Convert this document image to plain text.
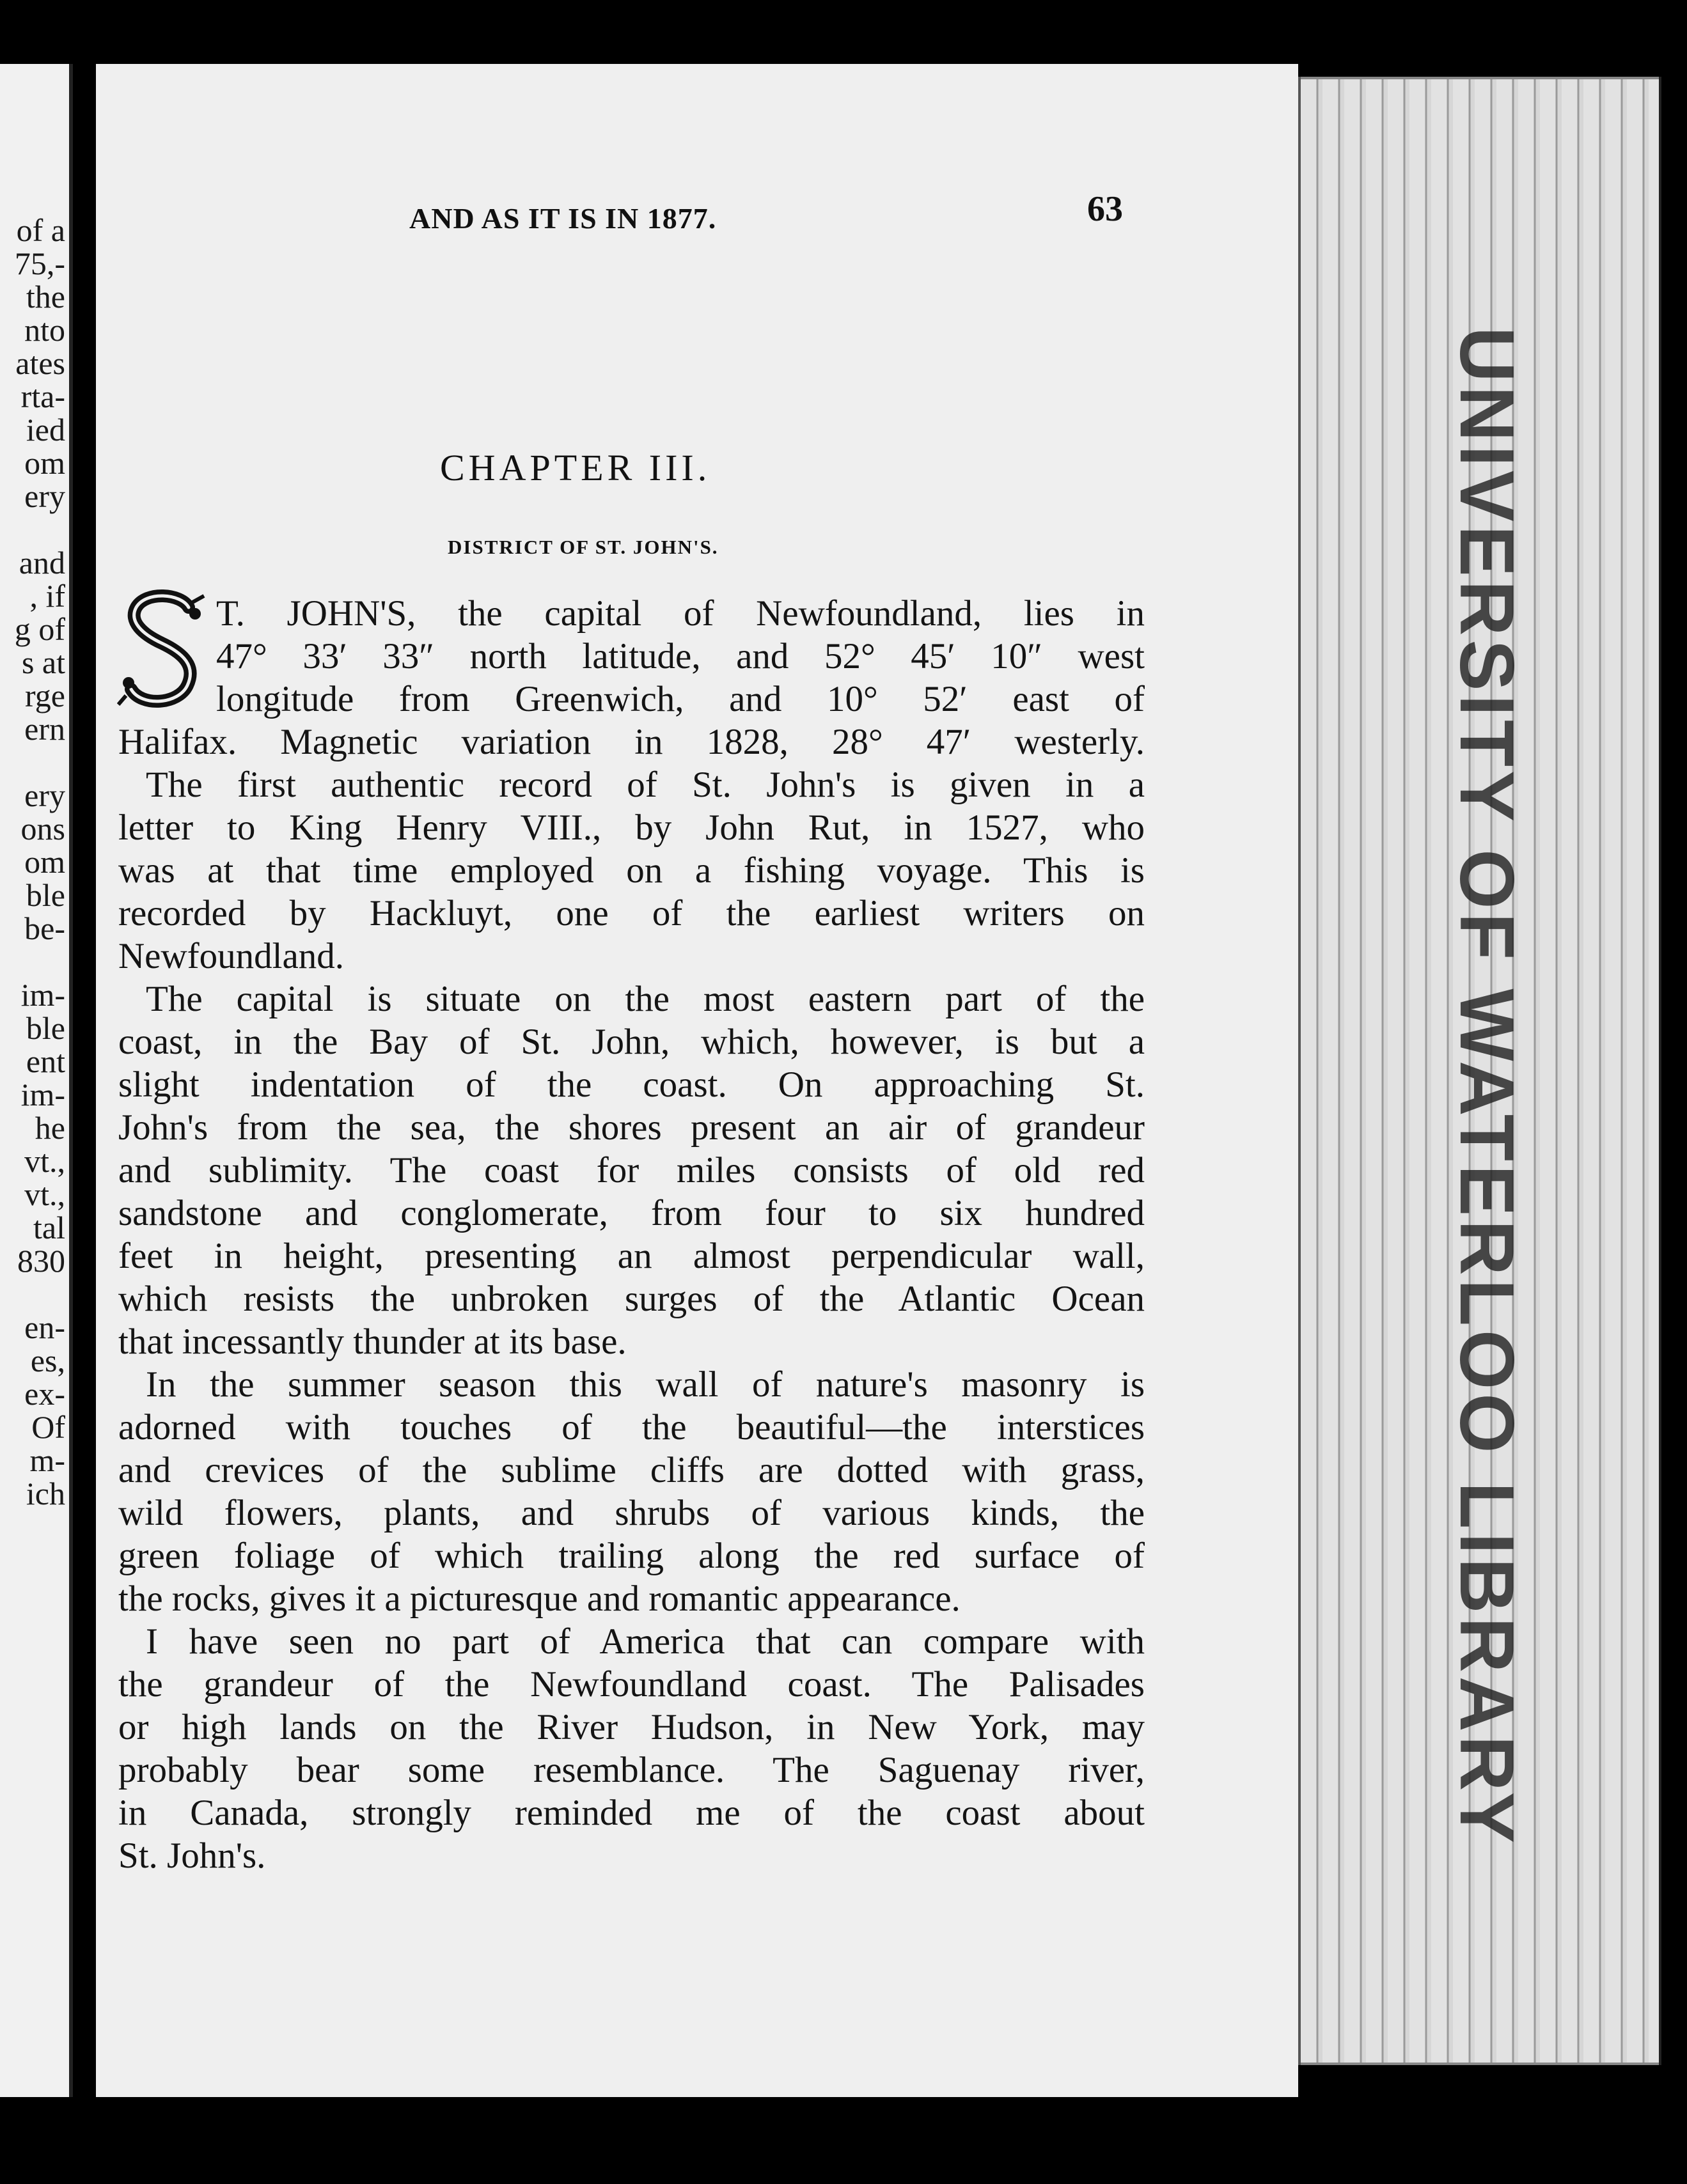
of a
75,-
the
nto
ates
rta-
ied
om
ery
and
, if
g of
s at
rge
ern
ery
ons
om
ble
be-
im-
ble
ent
im-
he
vt.,
vt.,
tal
830
en-
es,
ex-
Of
m-
ich	UNIVERSITY OF WATERLOO LIBRARY
AND AS IT IS IN 1877.	63
CHAPTER III.
DISTRICT OF ST. JOHN'S.
T. JOHN'S, the capital of Newfoundland, lies in
47° 33′ 33″ north latitude, and 52° 45′ 10″ west
longitude from Greenwich, and 10° 52′ east of
Halifax. Magnetic variation in 1828, 28° 47′ westerly.
The first authentic record of St. John's is given in a
letter to King Henry VIII., by John Rut, in 1527, who
was at that time employed on a fishing voyage. This is
recorded by Hackluyt, one of the earliest writers on
Newfoundland.
The capital is situate on the most eastern part of the
coast, in the Bay of St. John, which, however, is but a
slight indentation of the coast. On approaching St.
John's from the sea, the shores present an air of grandeur
and sublimity. The coast for miles consists of old red
sandstone and conglomerate, from four to six hundred
feet in height, presenting an almost perpendicular wall,
which resists the unbroken surges of the Atlantic Ocean
that incessantly thunder at its base.
In the summer season this wall of nature's masonry is
adorned with touches of the beautiful—the interstices
and crevices of the sublime cliffs are dotted with grass,
wild flowers, plants, and shrubs of various kinds, the
green foliage of which trailing along the red surface of
the rocks, gives it a picturesque and romantic appearance.
I have seen no part of America that can compare with
the grandeur of the Newfoundland coast. The Palisades
or high lands on the River Hudson, in New York, may
probably bear some resemblance. The Saguenay river,
in Canada, strongly reminded me of the coast about
St. John's.
